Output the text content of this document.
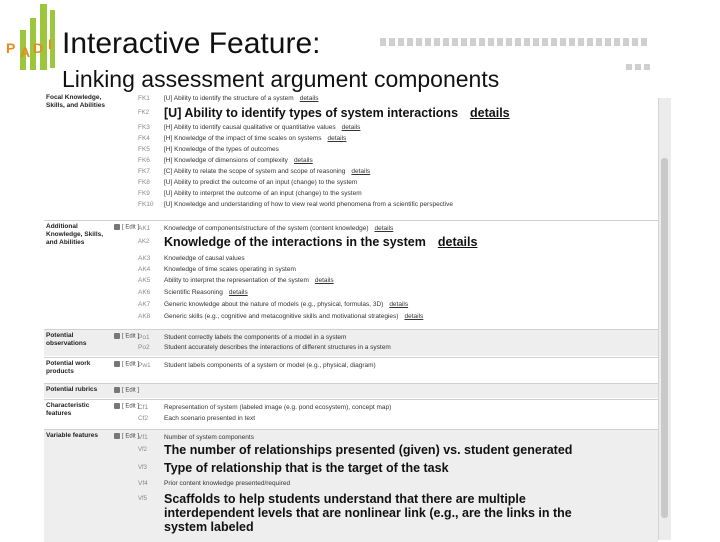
P A D I Interactive Feature:
Linking assessment argument components
Focal Knowledge, Skills, and Abilities
FK1 [U] Ability to identify the structure of a system details
FK2 [U] Ability to identify types of system interactions details
FK3 [H] Ability to identify causal qualitative or quantitative values details
FK4 [H] Knowledge of the impact of time scales on systems details
FK5 [H] Knowledge of the types of outcomes
FK6 [H] Knowledge of dimensions of complexity details
FK7 [C] Ability to relate the scope of system and scope of reasoning details
FK8 [U] Ability to predict the outcome of an input (change) to the system
FK9 [U] Ability to interpret the outcome of an input (change) to the system
FK10 [U] Knowledge and understanding of how to view real world phenomena from a scientific perspective
Additional Knowledge, Skills, and Abilities
[ Edit ]
AK1 Knowledge of components/structure of the system (content knowledge) details
AK2 Knowledge of the interactions in the system details
AK3 Knowledge of causal values
AK4 Knowledge of time scales operating in system
AK5 Ability to interpret the representation of the system details
AK6 Scientific Reasoning details
AK7 Generic knowledge about the nature of models (e.g., physical, formulas, 3D) details
AK8 Generic skills (e.g., cognitive and metacognitive skills and motivational strategies) details
Potential observations
[ Edit ]
Po1 Student correctly labels the components of a model in a system
Po2 Student accurately describes the interactions of different structures in a system
Potential work products
[ Edit ]
Pw1 Student labels components of a system or model (e.g., physical, diagram)
Potential rubrics	[ Edit ]
Characteristic features
[ Edit ]
Cf1 Representation of system (labeled image (e.g. pond ecosystem), concept map)
Cf2 Each scenario presented in text
Variable features	[ Edit ]
Vf1 Number of system components
Vf2 The number of relationships presented (given) vs. student generated
Vf3 Type of relationship that is the target of the task
Vf4 Prior content knowledge presented/required
Vf5 Scaffolds to help students understand that there are multiple
interdependent levels that are nonlinear link (e.g., are the links in the
system labeled
